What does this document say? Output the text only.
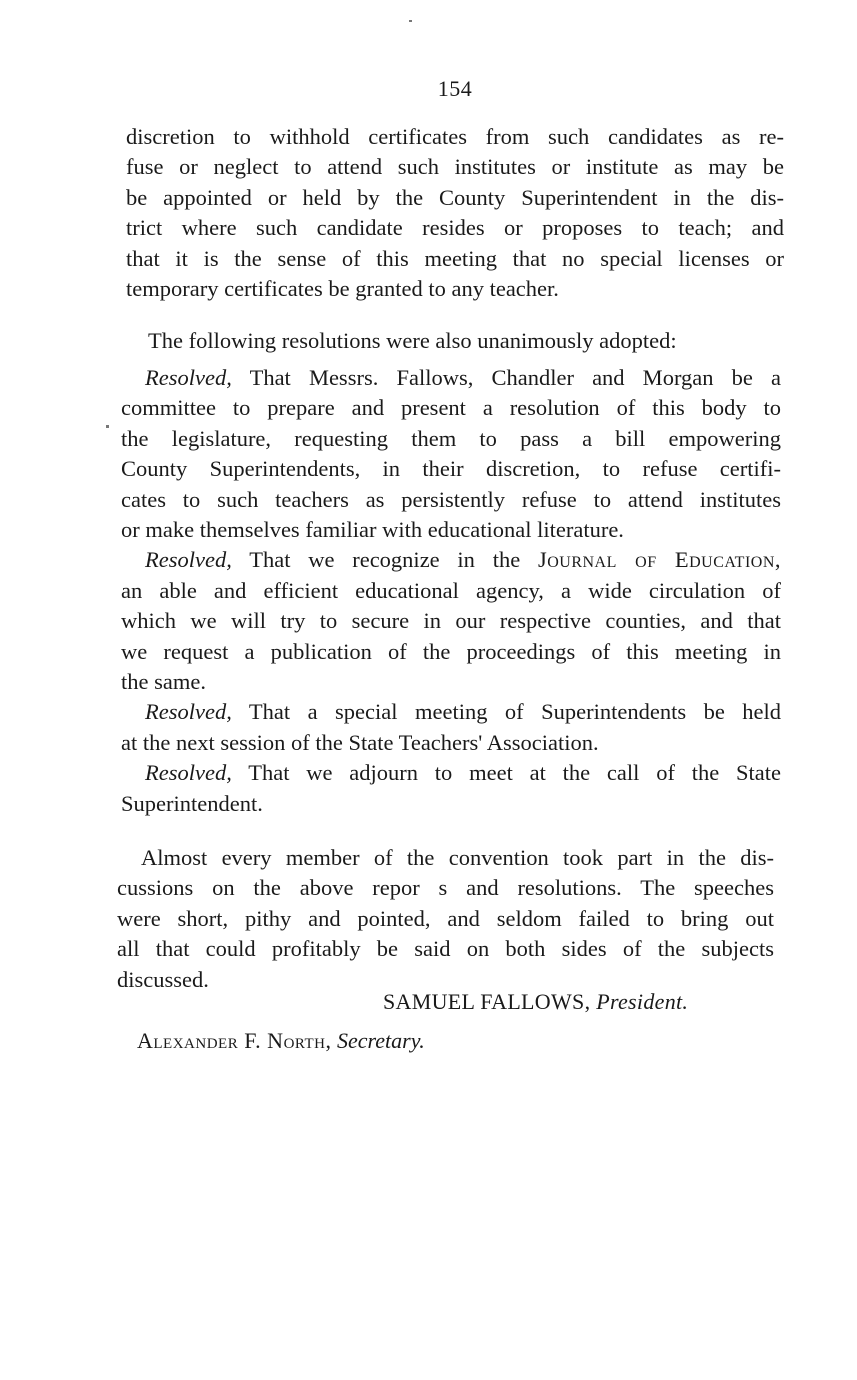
154

discretion to withhold certificates from such candidates as re-

fuse or neglect to attend such institutes or institute as may be

be appointed or held by the County Superintendent in the dis-

trict where such candidate resides or proposes to teach; and

that it is the sense of this meeting that no special licenses or

temporary certificates be granted to any teacher.

The following resolutions were also unanimously adopted:

Resolved, That Messrs. Fallows, Chandler and Morgan be a

committee to prepare and present a resolution of this body to

the legislature, requesting them to pass a bill empowering

County Superintendents, in their discretion, to refuse certifi-

cates to such teachers as persistently refuse to attend institutes

or make themselves familiar with educational literature.

Resolved, That we recognize in the Journal of Education,

an able and efficient educational agency, a wide circulation of

which we will try to secure in our respective counties, and that

we request a publication of the proceedings of this meeting in

the same.

Resolved, That a special meeting of Superintendents be held

at the next session of the State Teachers' Association.

Resolved, That we adjourn to meet at the call of the State

Superintendent.

Almost every member of the convention took part in the dis-

cussions on the above repor s and resolutions. The speeches

were short, pithy and pointed, and seldom failed to bring out

all that could profitably be said on both sides of the subjects

discussed.

SAMUEL FALLOWS, President.
Alexander F. North, Secretary.
